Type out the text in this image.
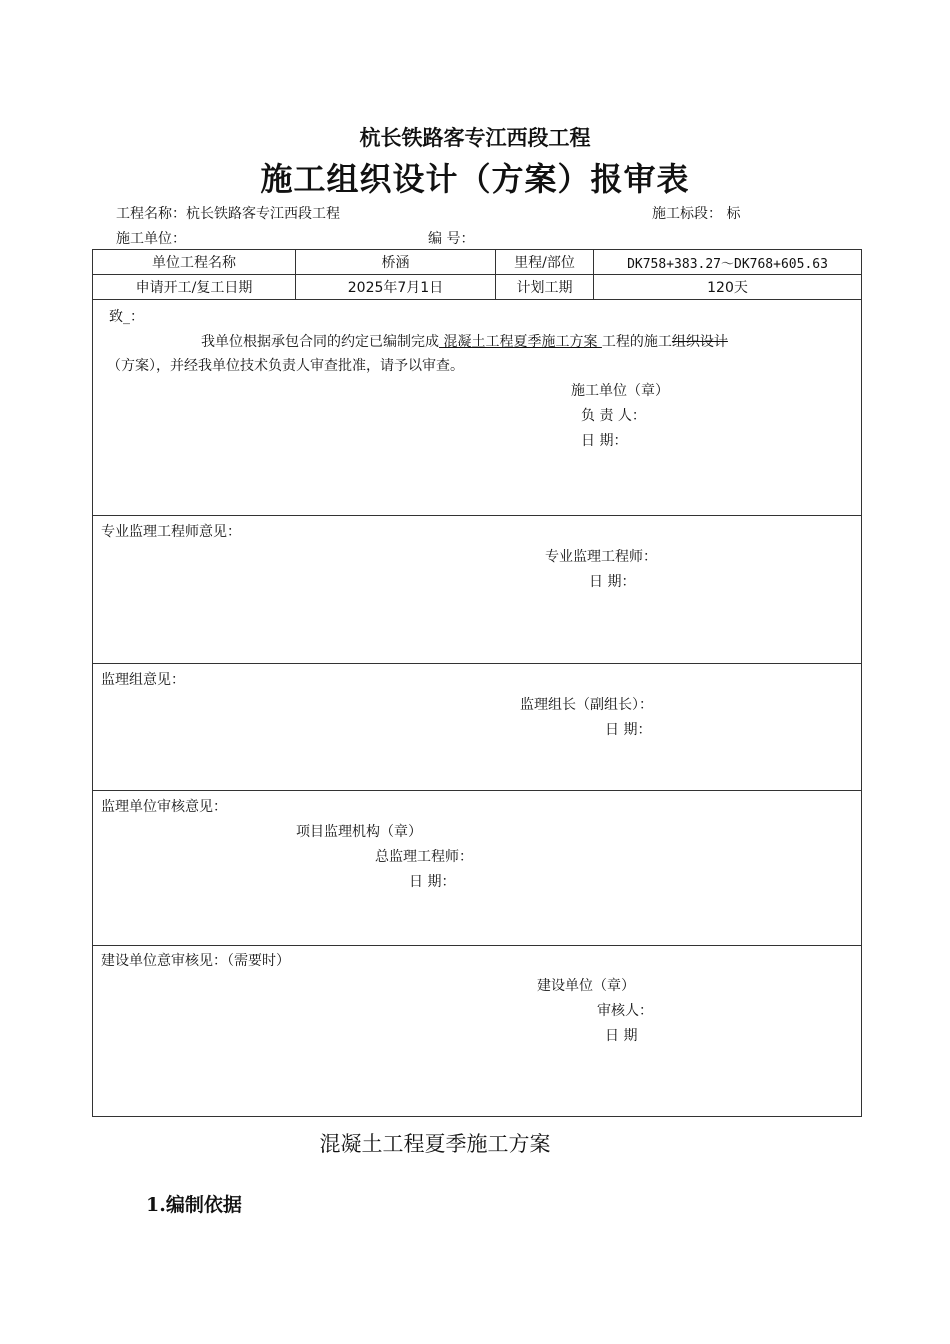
杭长铁路客专江西段工程
施工组织设计（方案）报审表
工程名称：杭长铁路客专江西段工程	施工标段： 标
施工单位：	编 号：
单位工程名称	桥涵	里程/部位	DK758+383.27～DK768+605.63
申请开工/复工日期	2025年7月1日	计划工期	120天
致_：
我单位根据承包合同的约定已编制完成 混凝土工程夏季施工方案 工程的施工组织设计
（方案），并经我单位技术负责人审查批准，请予以审查。
施工单位（章）
负 责 人：
日 期：
专业监理工程师意见：
专业监理工程师：
日 期：
监理组意见：
监理组长（副组长）：
日 期：
监理单位审核意见：
项目监理机构（章）
总监理工程师：
日 期：
建设单位意审核见：（需要时）
建设单位（章）
审核人：
日 期
混凝土工程夏季施工方案
1.编制依据
